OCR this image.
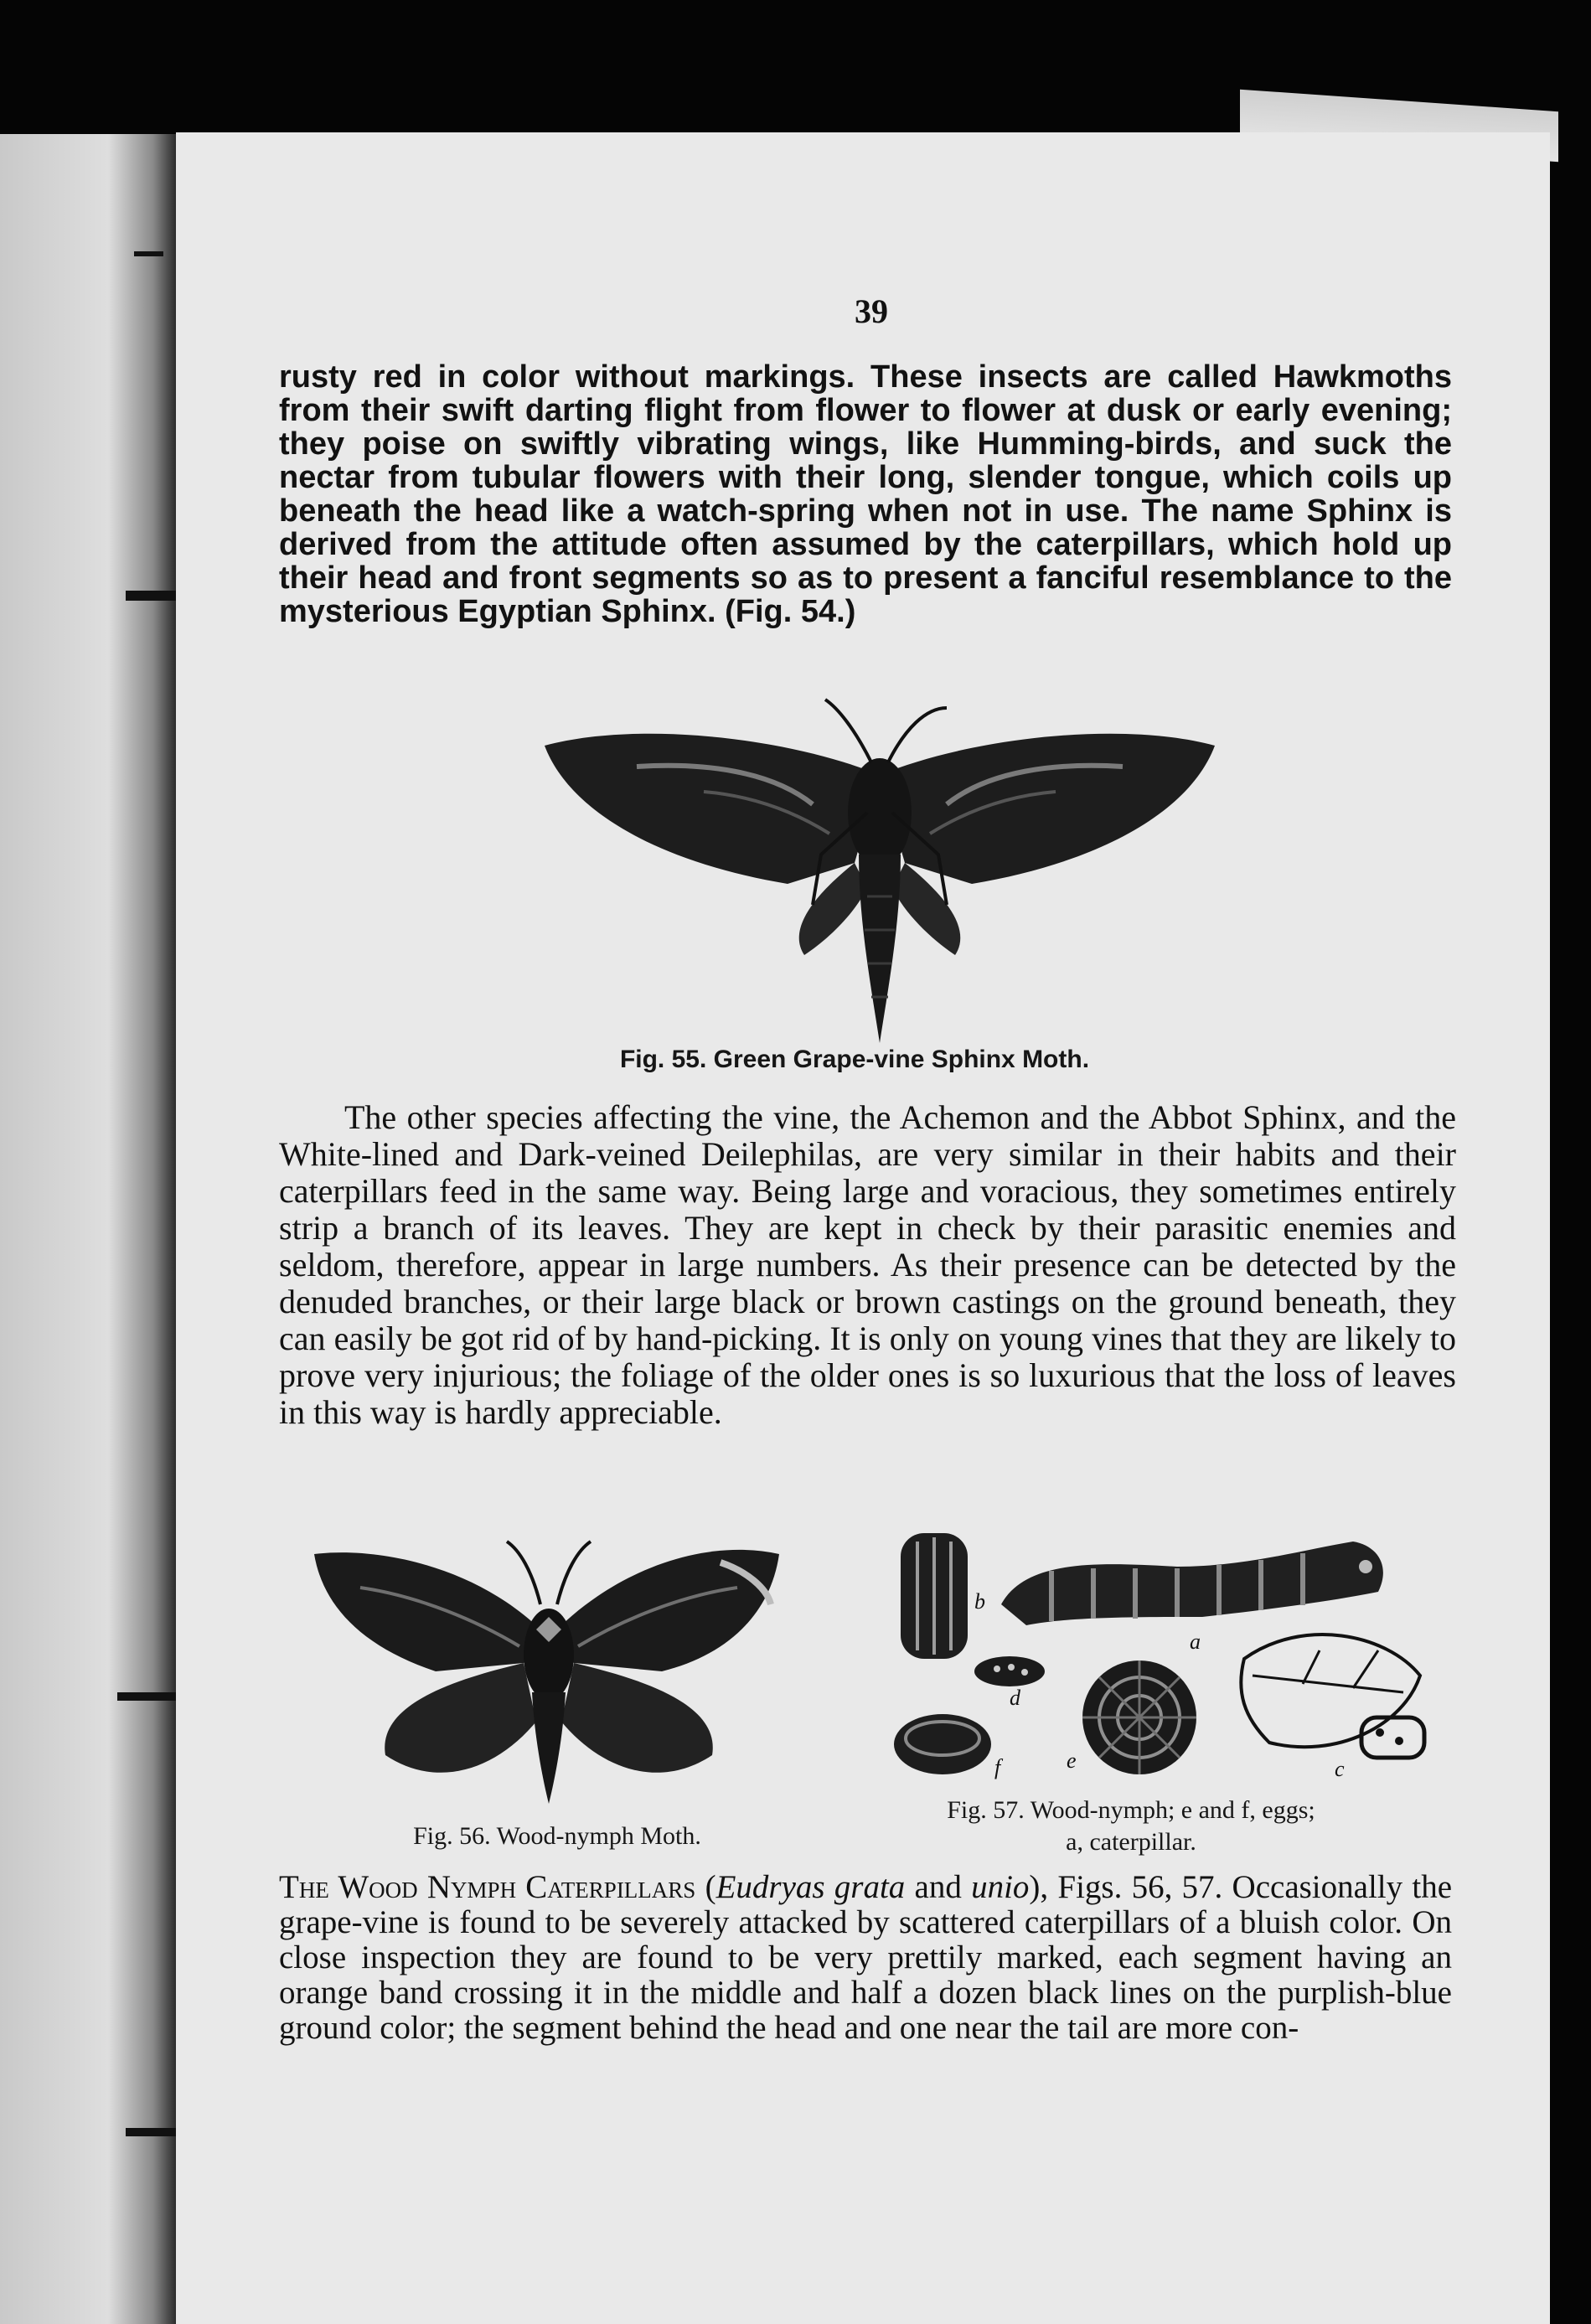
39

rusty red in color without markings. These insects are called Hawkmoths from their swift darting flight from flower to flower at dusk or early evening; they poise on swiftly vibrating wings, like Humming-birds, and suck the nectar from tubular flowers with their long, slender tongue, which coils up beneath the head like a watch-spring when not in use. The name Sphinx is derived from the attitude often assumed by the caterpillars, which hold up their head and front segments so as to present a fanciful resemblance to the mysterious Egyptian Sphinx. (Fig. 54.)

Fig. 55. Green Grape-vine Sphinx Moth.

The other species affecting the vine, the Achemon and the Abbot Sphinx, and the White-lined and Dark-veined Deilephilas, are very similar in their habits and their caterpillars feed in the same way. Being large and voracious, they sometimes entirely strip a branch of its leaves. They are kept in check by their parasitic enemies and seldom, therefore, appear in large numbers. As their presence can be detected by the denuded branches, or their large black or brown castings on the ground beneath, they can easily be got rid of by hand-picking. It is only on young vines that they are likely to prove very injurious; the foliage of the older ones is so luxurious that the loss of leaves in this way is hardly appreciable.

b
a
d
f	e	c

Fig. 56. Wood-nymph Moth.

Fig. 57. Wood-nymph; e and f, eggs;
a, caterpillar.

The Wood Nymph Caterpillars (Eudryas grata and unio), Figs. 56, 57. Occasionally the grape-vine is found to be severely attacked by scattered caterpillars of a bluish color. On close inspection they are found to be very prettily marked, each segment having an orange band crossing it in the middle and half a dozen black lines on the purplish-blue ground color; the segment behind the head and one near the tail are more con-
